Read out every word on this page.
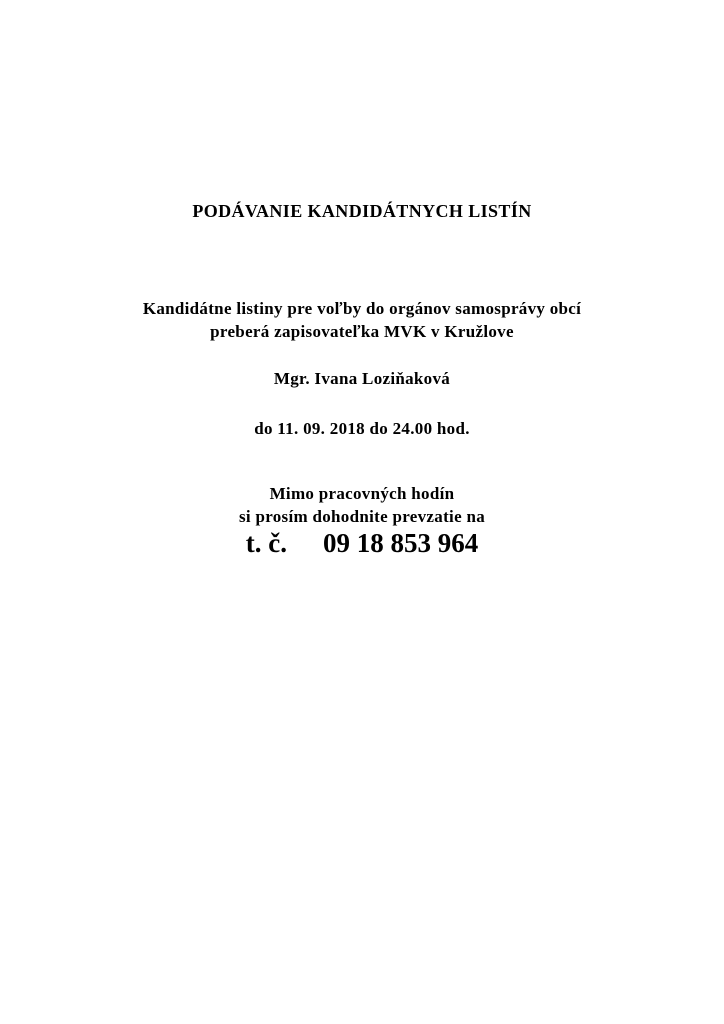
PODÁVANIE KANDIDÁTNYCH LISTÍN
Kandidátne listiny pre voľby do orgánov samosprávy obcí
preberá zapisovateľka MVK v Kružlove
Mgr. Ivana Loziňaková
do 11. 09. 2018 do 24.00 hod.
Mimo pracovných hodín
si prosím dohodnite prevzatie na
t. č. 09 18 853 964
